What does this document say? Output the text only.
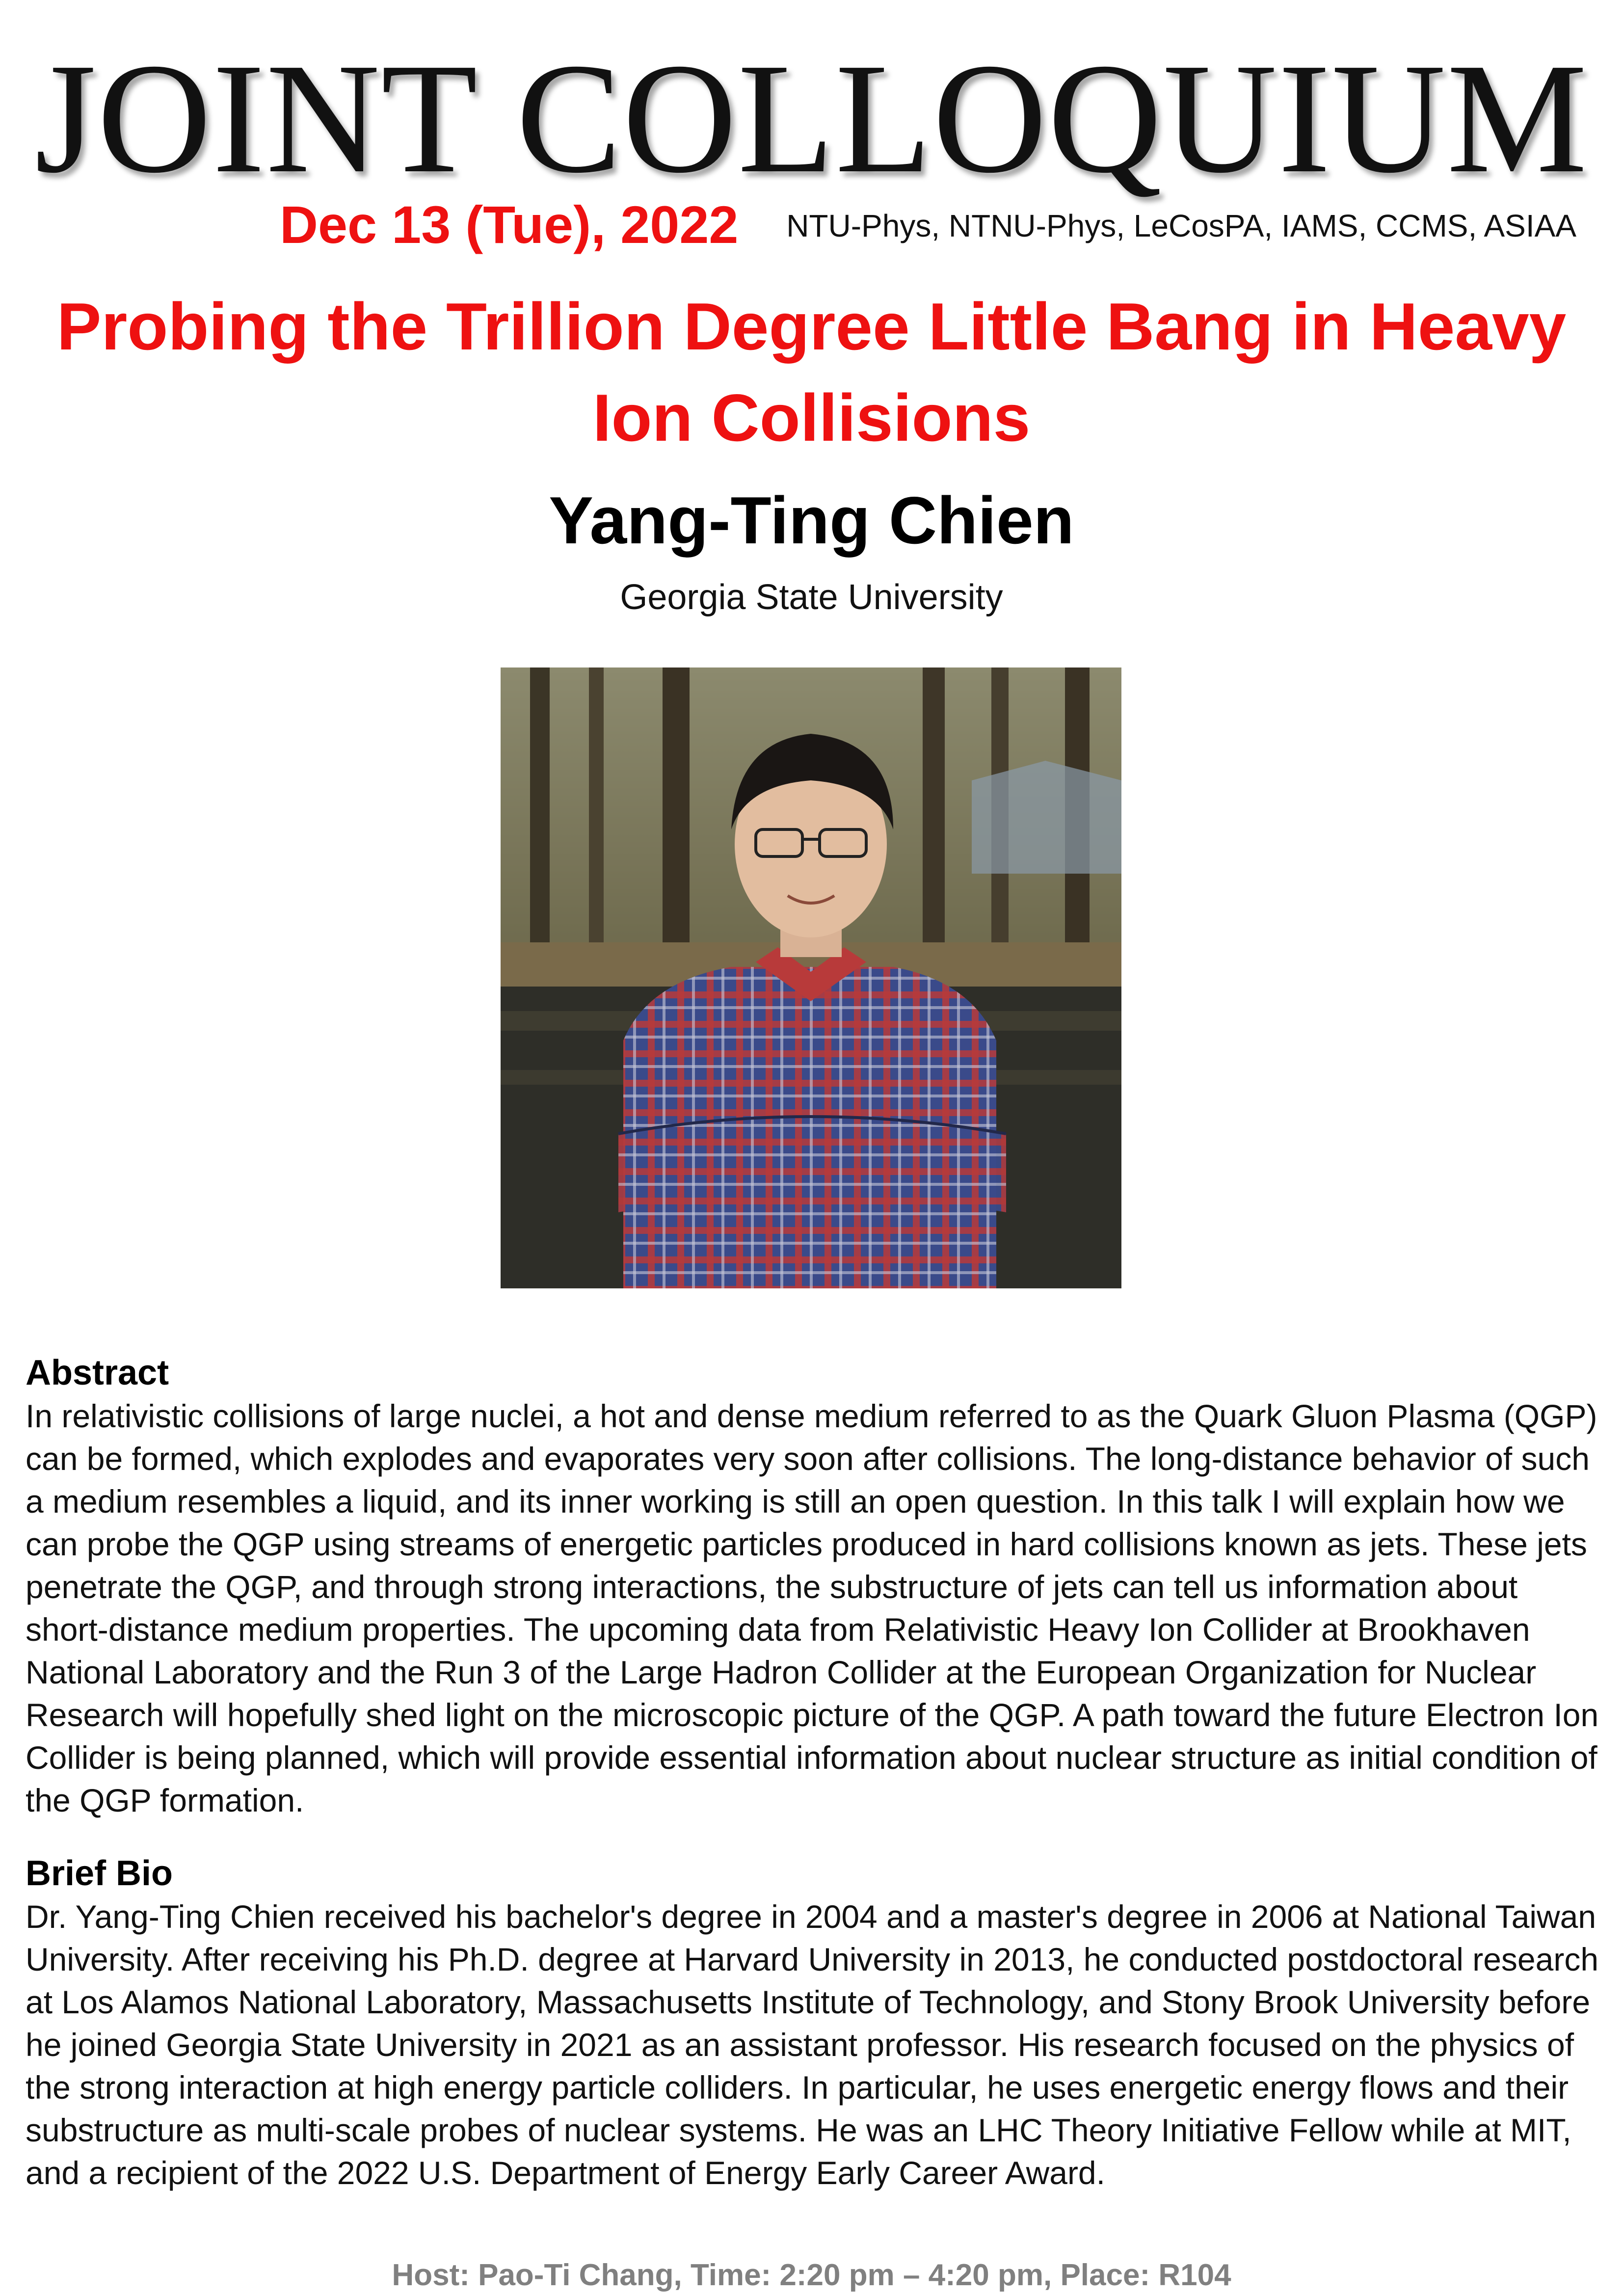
JOINT COLLOQUIUM
Dec 13 (Tue), 2022 NTU-Phys, NTNU-Phys, LeCosPA, IAMS, CCMS, ASIAA
Probing the Trillion Degree Little Bang in Heavy Ion Collisions
Yang-Ting Chien
Georgia State University

Abstract

In relativistic collisions of large nuclei, a hot and dense medium referred to as the Quark Gluon Plasma (QGP) can be formed, which explodes and evaporates very soon after collisions. The long-distance behavior of such a medium resembles a liquid, and its inner working is still an open question. In this talk I will explain how we can probe the QGP using streams of energetic particles produced in hard collisions known as jets. These jets penetrate the QGP, and through strong interactions, the substructure of jets can tell us information about short-distance medium properties. The upcoming data from Relativistic Heavy Ion Collider at Brookhaven National Laboratory and the Run 3 of the Large Hadron Collider at the European Organization for Nuclear Research will hopefully shed light on the microscopic picture of the QGP. A path toward the future Electron Ion Collider is being planned, which will provide essential information about nuclear structure as initial condition of the QGP formation.

Brief Bio

Dr. Yang-Ting Chien received his bachelor's degree in 2004 and a master's degree in 2006 at National Taiwan University. After receiving his Ph.D. degree at Harvard University in 2013, he conducted postdoctoral research at Los Alamos National Laboratory, Massachusetts Institute of Technology, and Stony Brook University before he joined Georgia State University in 2021 as an assistant professor. His research focused on the physics of the strong interaction at high energy particle colliders. In particular, he uses energetic energy flows and their substructure as multi-scale probes of nuclear systems. He was an LHC Theory Initiative Fellow while at MIT, and a recipient of the 2022 U.S. Department of Energy Early Career Award.

Host: Pao-Ti Chang, Time: 2:20 pm – 4:20 pm, Place: R104
